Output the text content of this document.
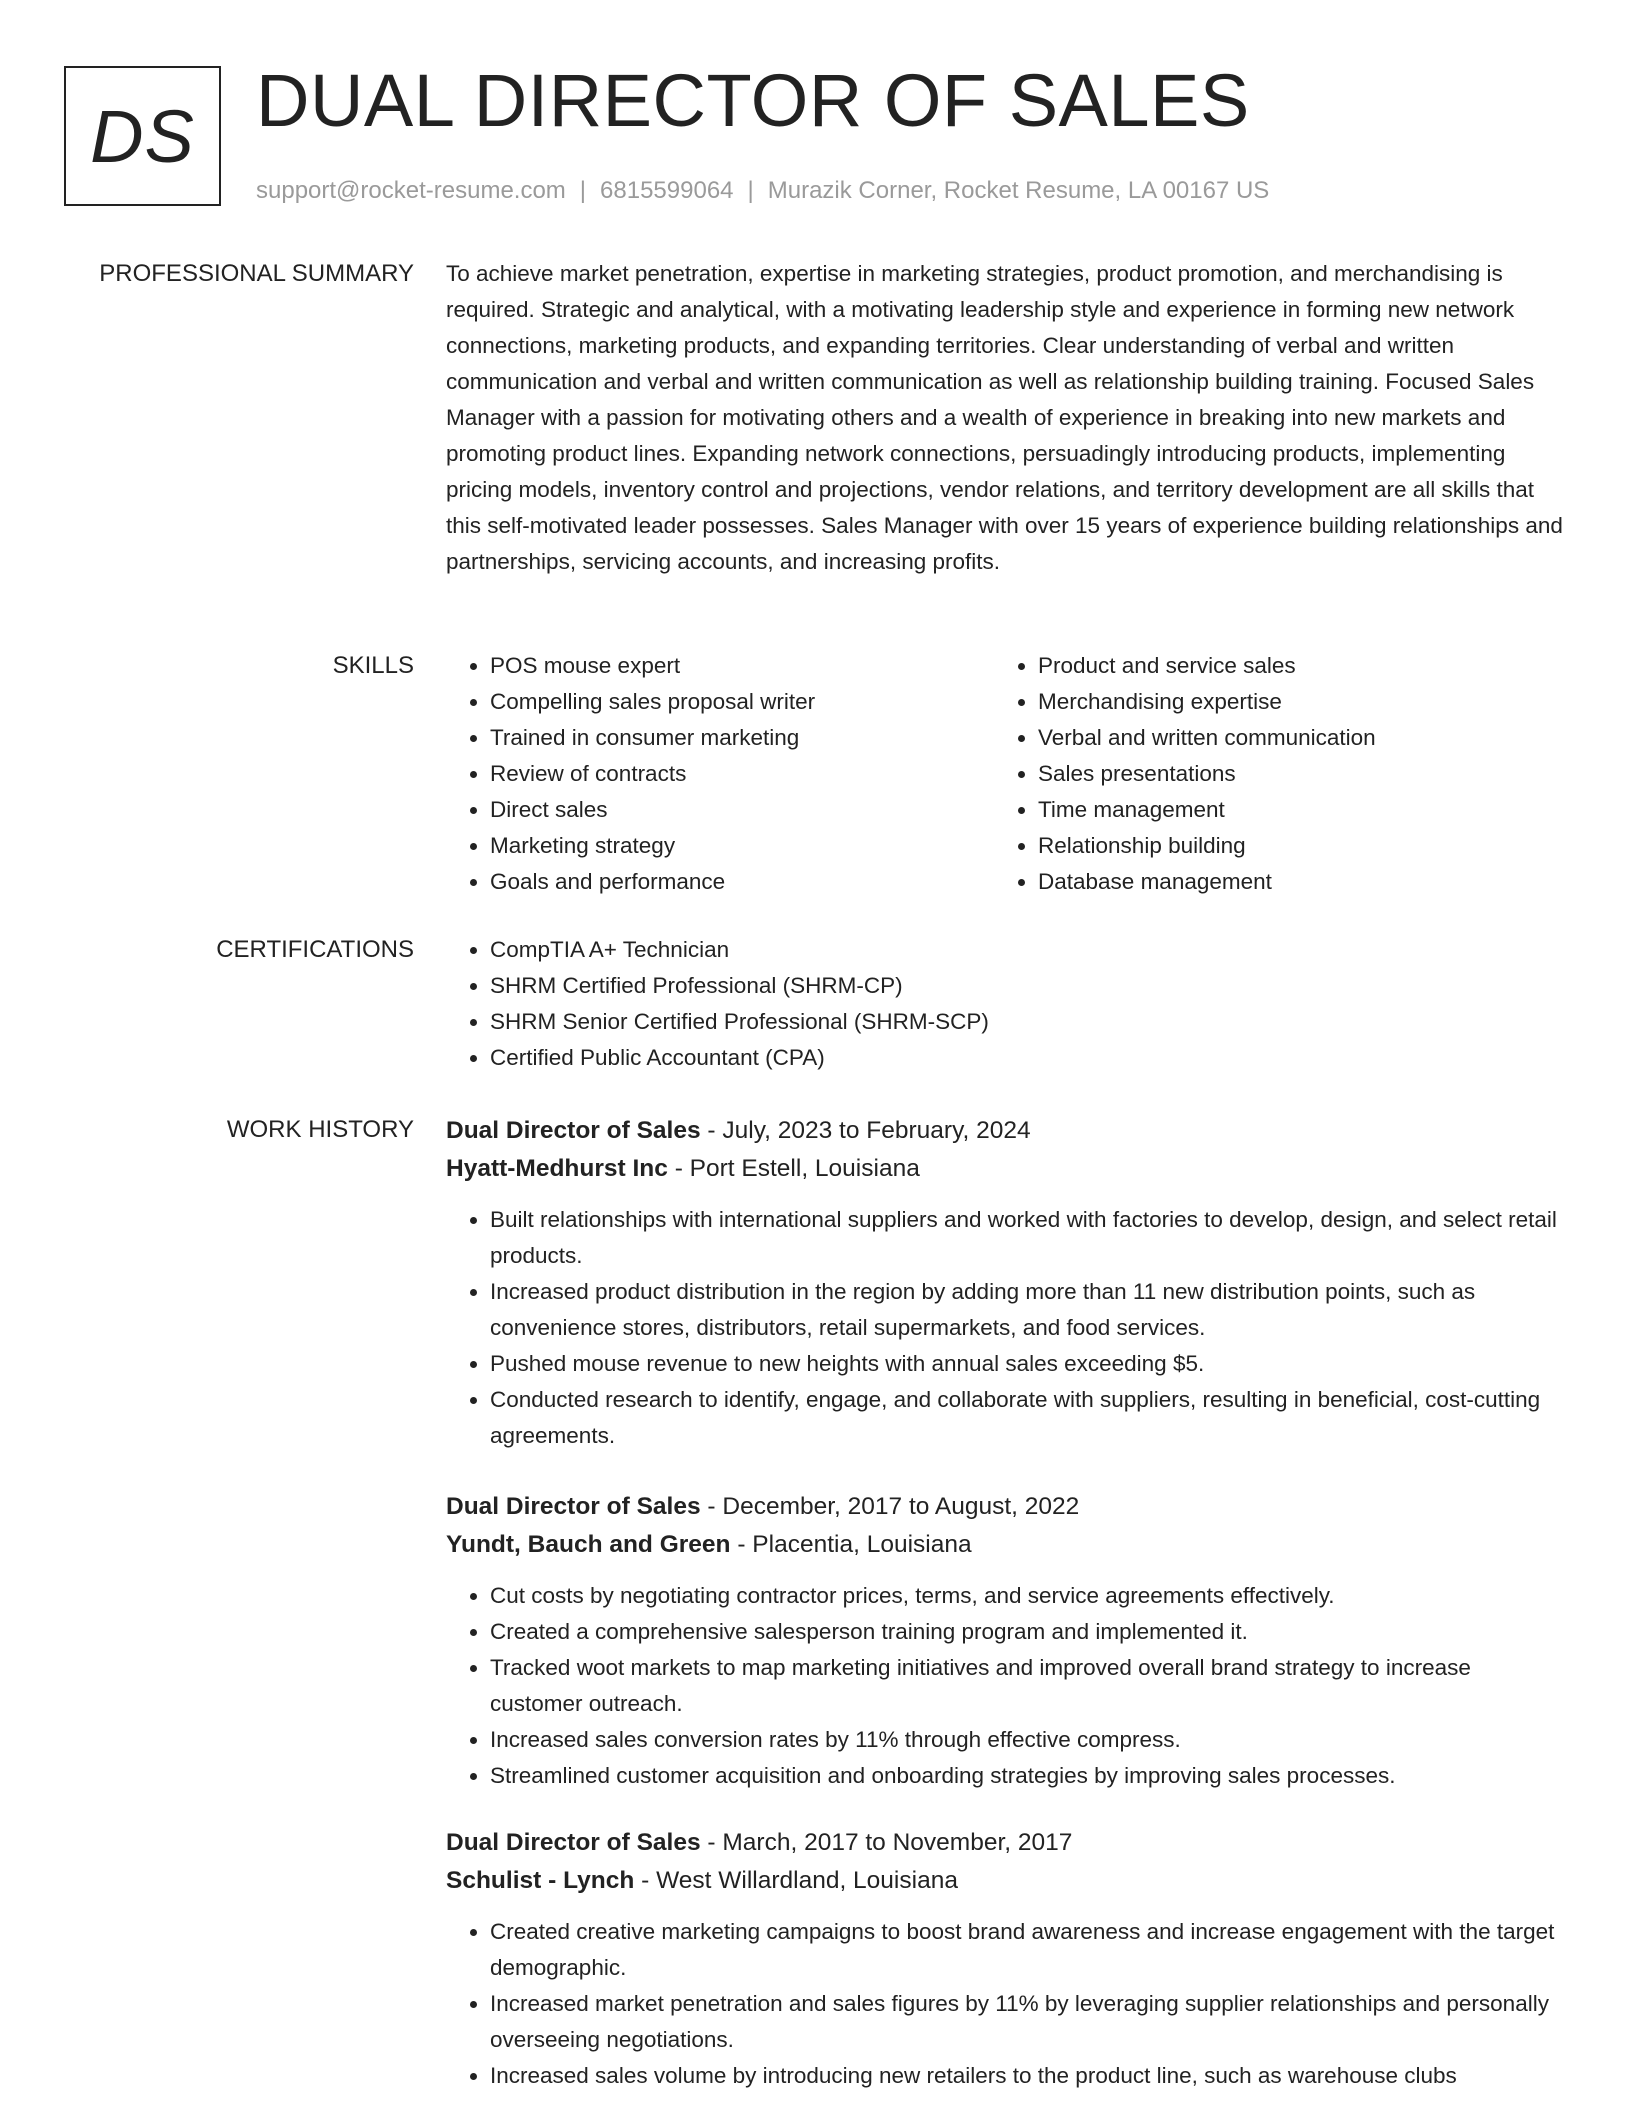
DS DUAL DIRECTOR OF SALES
support@rocket-resume.com | 6815599064 | Murazik Corner, Rocket Resume, LA 00167 US
PROFESSIONAL SUMMARY To achieve market penetration, expertise in marketing strategies, product promotion, and merchandising is required. Strategic and analytical, with a motivating leadership style and experience in forming new network connections, marketing products, and expanding territories. Clear understanding of verbal and written communication and verbal and written communication as well as relationship building training. Focused Sales Manager with a passion for motivating others and a wealth of experience in breaking into new markets and promoting product lines. Expanding network connections, persuadingly introducing products, implementing pricing models, inventory control and projections, vendor relations, and territory development are all skills that this self-motivated leader possesses. Sales Manager with over 15 years of experience building relationships and partnerships, servicing accounts, and increasing profits.

SKILLS	• POS mouse expert
• Compelling sales proposal writer
• Trained in consumer marketing
• Review of contracts
• Direct sales
• Marketing strategy
• Goals and performance
• Product and service sales
• Merchandising expertise
• Verbal and written communication
• Sales presentations
• Time management
• Relationship building
• Database management
CERTIFICATIONS	• CompTIA A+ Technician
• SHRM Certified Professional (SHRM-CP)
• SHRM Senior Certified Professional (SHRM-SCP)
• Certified Public Accountant (CPA)
WORK HISTORY Dual Director of Sales - July, 2023 to February, 2024

Hyatt-Medhurst Inc - Port Estell, Louisiana

• Built relationships with international suppliers and worked with factories to develop, design, and select retail products.
• Increased product distribution in the region by adding more than 11 new distribution points, such as convenience stores, distributors, retail supermarkets, and food services.
• Pushed mouse revenue to new heights with annual sales exceeding $5.
• Conducted research to identify, engage, and collaborate with suppliers, resulting in beneficial, cost-cutting agreements.

Dual Director of Sales - December, 2017 to August, 2022

Yundt, Bauch and Green - Placentia, Louisiana

• Cut costs by negotiating contractor prices, terms, and service agreements effectively.
• Created a comprehensive salesperson training program and implemented it.
• Tracked woot markets to map marketing initiatives and improved overall brand strategy to increase customer outreach.
• Increased sales conversion rates by 11% through effective compress.
• Streamlined customer acquisition and onboarding strategies by improving sales processes.

Dual Director of Sales - March, 2017 to November, 2017

Schulist - Lynch - West Willardland, Louisiana

• Created creative marketing campaigns to boost brand awareness and increase engagement with the target demographic.
• Increased market penetration and sales figures by 11% by leveraging supplier relationships and personally overseeing negotiations.
• Increased sales volume by introducing new retailers to the product line, such as warehouse clubs
